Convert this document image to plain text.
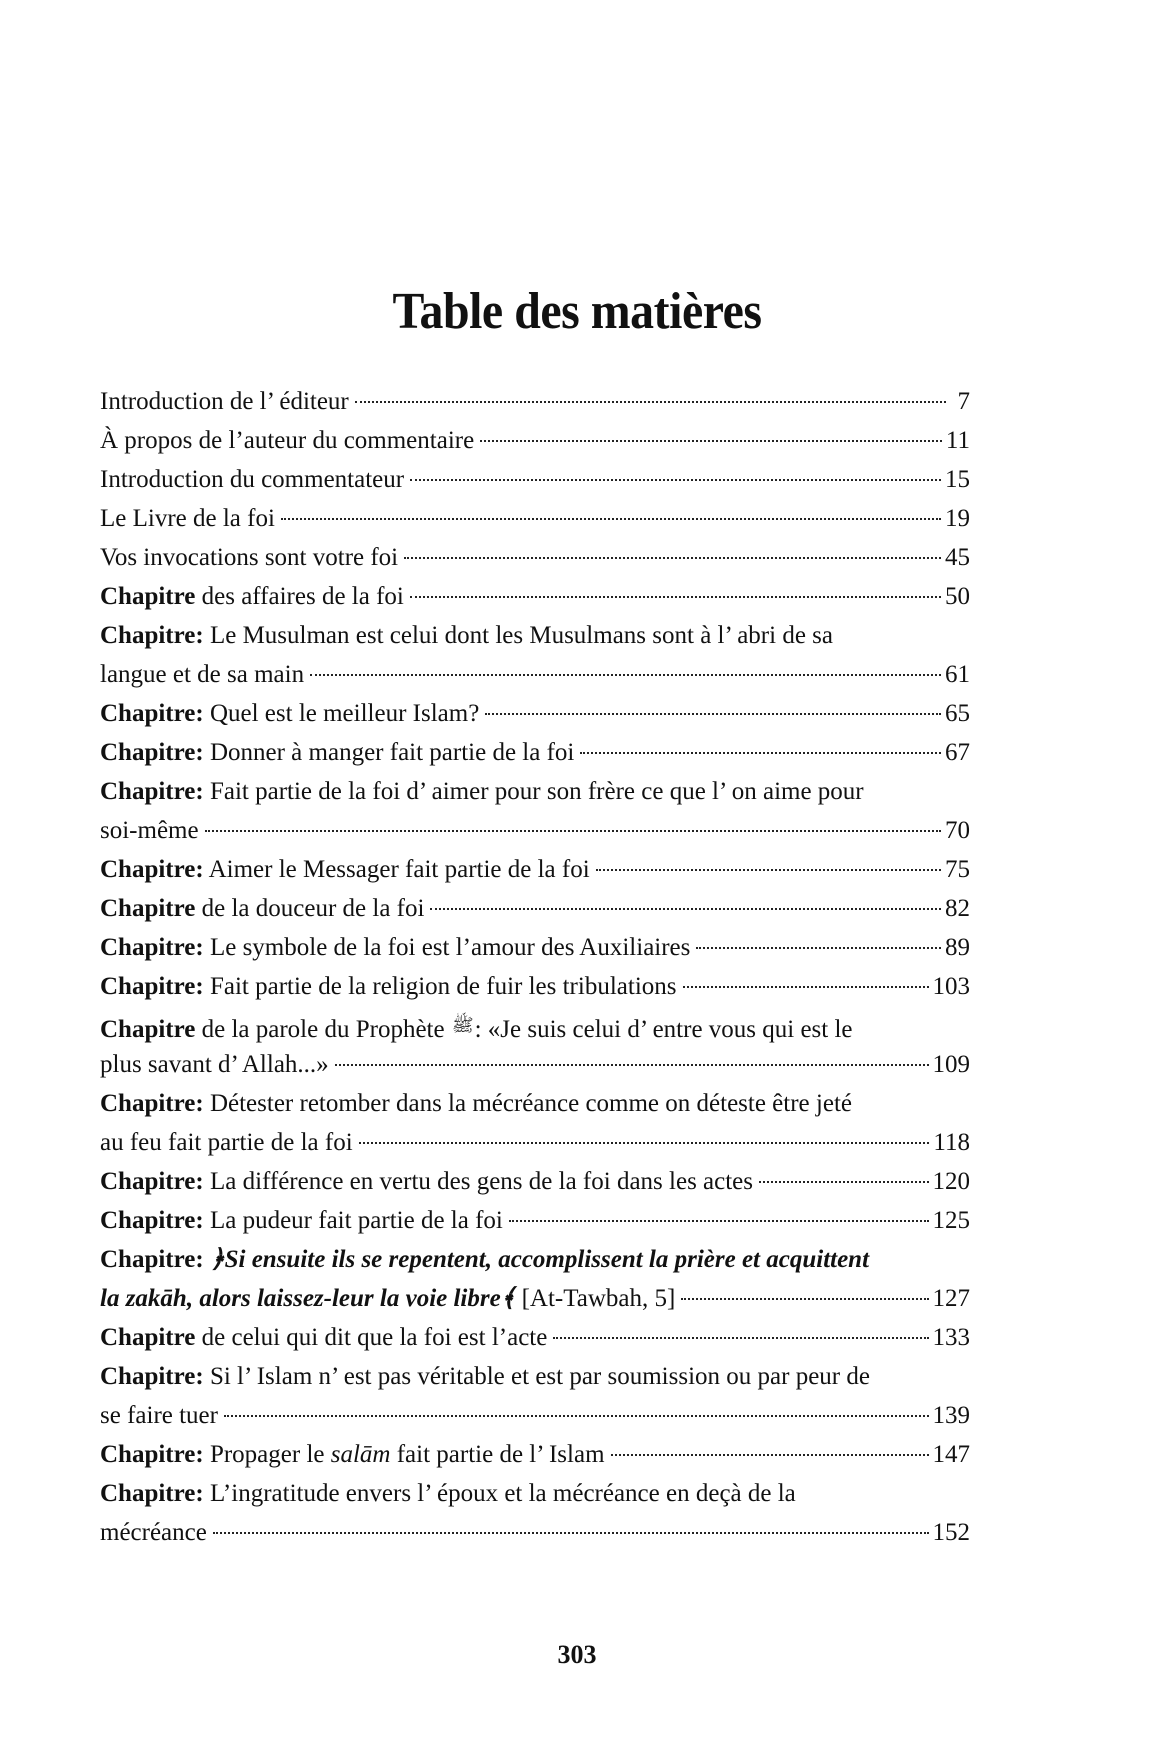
Table des matières
Introduction de l’ éditeur	7
À propos de l’auteur du commentaire	11
Introduction du commentateur	15
Le Livre de la foi	19
Vos invocations sont votre foi	45
Chapitre des affaires de la foi	50
Chapitre: Le Musulman est celui dont les Musulmans sont à l’ abri de sa
langue et de sa main	61
Chapitre: Quel est le meilleur Islam?	65
Chapitre: Donner à manger fait partie de la foi	67
Chapitre: Fait partie de la foi d’ aimer pour son frère ce que l’ on aime pour
soi-même	70
Chapitre: Aimer le Messager fait partie de la foi	75
Chapitre de la douceur de la foi	82
Chapitre: Le symbole de la foi est l’amour des Auxiliaires	89
Chapitre: Fait partie de la religion de fuir les tribulations	103
Chapitre de la parole du Prophète ﷺ: «Je suis celui d’ entre vous qui est le
plus savant d’ Allah...»	109
Chapitre: Détester retomber dans la mécréance comme on déteste être jeté
au feu fait partie de la foi	118
Chapitre: La différence en vertu des gens de la foi dans les actes	120
Chapitre: La pudeur fait partie de la foi	125
Chapitre: ﴿Si ensuite ils se repentent, accomplissent la prière et acquittent
la zakāh, alors laissez-leur la voie libre﴾ [At-Tawbah, 5]	127
Chapitre de celui qui dit que la foi est l’acte	133
Chapitre: Si l’ Islam n’ est pas véritable et est par soumission ou par peur de
se faire tuer	139
Chapitre: Propager le salām fait partie de l’ Islam	147
Chapitre: L’ingratitude envers l’ époux et la mécréance en deçà de la
mécréance	152
303
